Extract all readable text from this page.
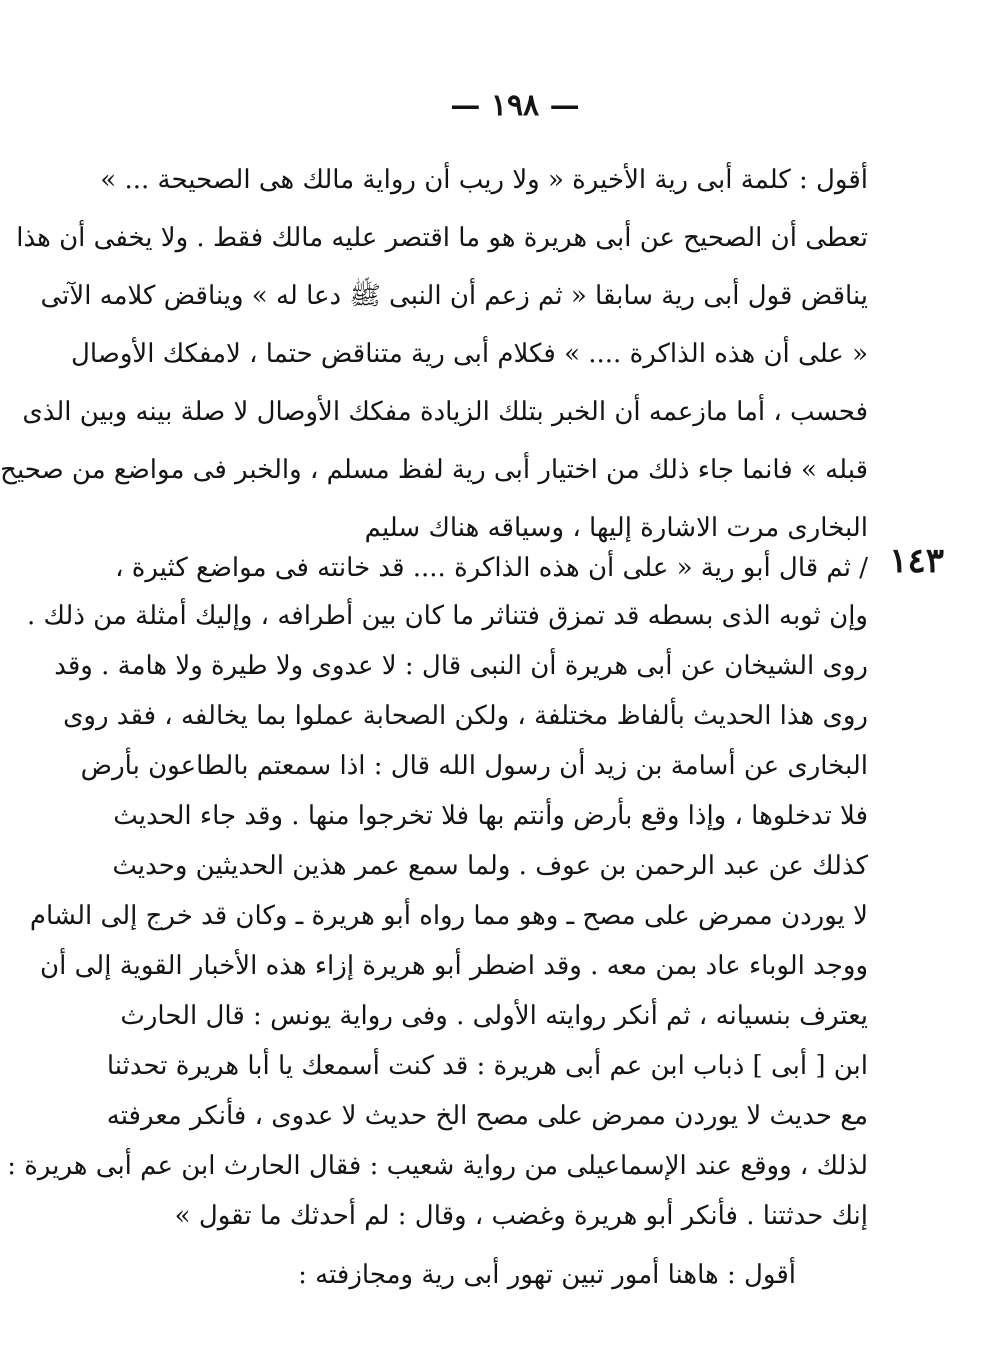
— ١٩٨ —
أقول : كلمة أبى رية الأخيرة « ولا ريب أن رواية مالك هى الصحيحة ... »
تعطى أن الصحيح عن أبى هريرة هو ما اقتصر عليه مالك فقط . ولا يخفى أن هذا
يناقض قول أبى رية سابقا « ثم زعم أن النبى ﷺ دعا له » ويناقض كلامه الآتى
« على أن هذه الذاكرة .... » فكلام أبى رية متناقض حتما ، لامفكك الأوصال
فحسب ، أما مازعمه أن الخبر بتلك الزيادة مفكك الأوصال لا صلة بينه وبين الذى
قبله » فانما جاء ذلك من اختيار أبى رية لفظ مسلم ، والخبر فى مواضع من صحيح
البخارى مرت الاشارة إليها ، وسياقه هناك سليم
١٤٣
/ ثم قال أبو رية « على أن هذه الذاكرة .... قد خانته فى مواضع كثيرة ،
وإن ثوبه الذى بسطه قد تمزق فتناثر ما كان بين أطرافه ، وإليك أمثلة من ذلك .
روى الشيخان عن أبى هريرة أن النبى قال : لا عدوى ولا طيرة ولا هامة . وقد
روى هذا الحديث بألفاظ مختلفة ، ولكن الصحابة عملوا بما يخالفه ، فقد روى
البخارى عن أسامة بن زيد أن رسول الله قال : اذا سمعتم بالطاعون بأرض
فلا تدخلوها ، وإذا وقع بأرض وأنتم بها فلا تخرجوا منها . وقد جاء الحديث
كذلك عن عبد الرحمن بن عوف . ولما سمع عمر هذين الحديثين وحديث
لا يوردن ممرض على مصح ـ وهو مما رواه أبو هريرة ـ وكان قد خرج إلى الشام
ووجد الوباء عاد بمن معه . وقد اضطر أبو هريرة إزاء هذه الأخبار القوية إلى أن
يعترف بنسيانه ، ثم أنكر روايته الأولى . وفى رواية يونس : قال الحارث
ابن [ أبى ] ذباب ابن عم أبى هريرة : قد كنت أسمعك يا أبا هريرة تحدثنا
مع حديث لا يوردن ممرض على مصح الخ حديث لا عدوى ، فأنكر معرفته
لذلك ، ووقع عند الإسماعيلى من رواية شعيب : فقال الحارث ابن عم أبى هريرة :
إنك حدثتنا . فأنكر أبو هريرة وغضب ، وقال : لم أحدثك ما تقول »
أقول : هاهنا أمور تبين تهور أبى رية ومجازفته :
